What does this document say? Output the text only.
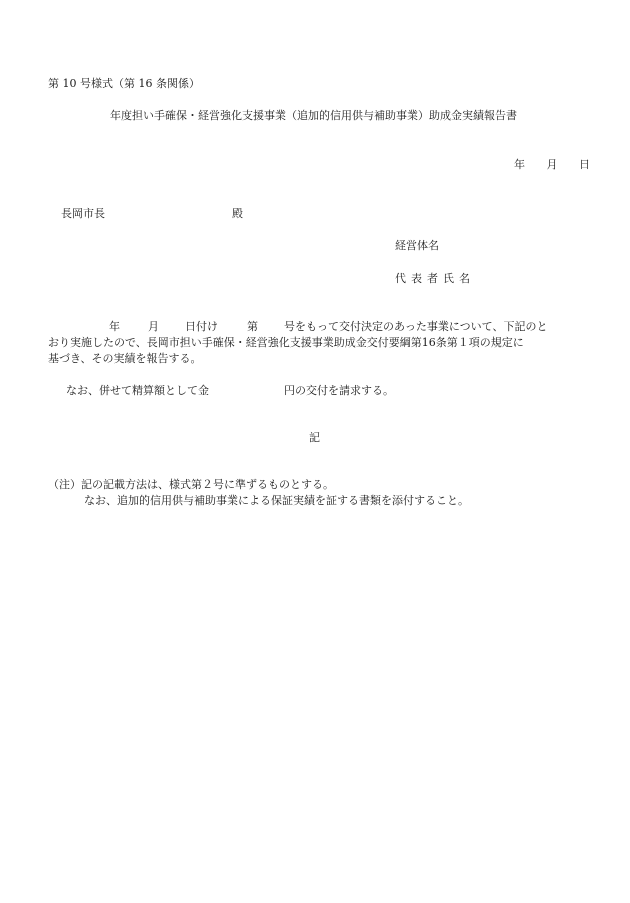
第 10 号様式（第 16 条関係）
年度担い手確保・経営強化支援事業（追加的信用供与補助事業）助成金実績報告書
年 月 日
長岡市長	殿
経営体名
代表者氏名
年	月 日付け	第 号をもって交付決定のあった事業について、下記のと
おり実施したので、長岡市担い手確保・経営強化支援事業助成金交付要綱第16条第１項の規定に
基づき、その実績を報告する。
なお、併せて精算額として金	円の交付を請求する。
記
（注）記の記載方法は、様式第２号に準ずるものとする。
なお、追加的信用供与補助事業による保証実績を証する書類を添付すること。
